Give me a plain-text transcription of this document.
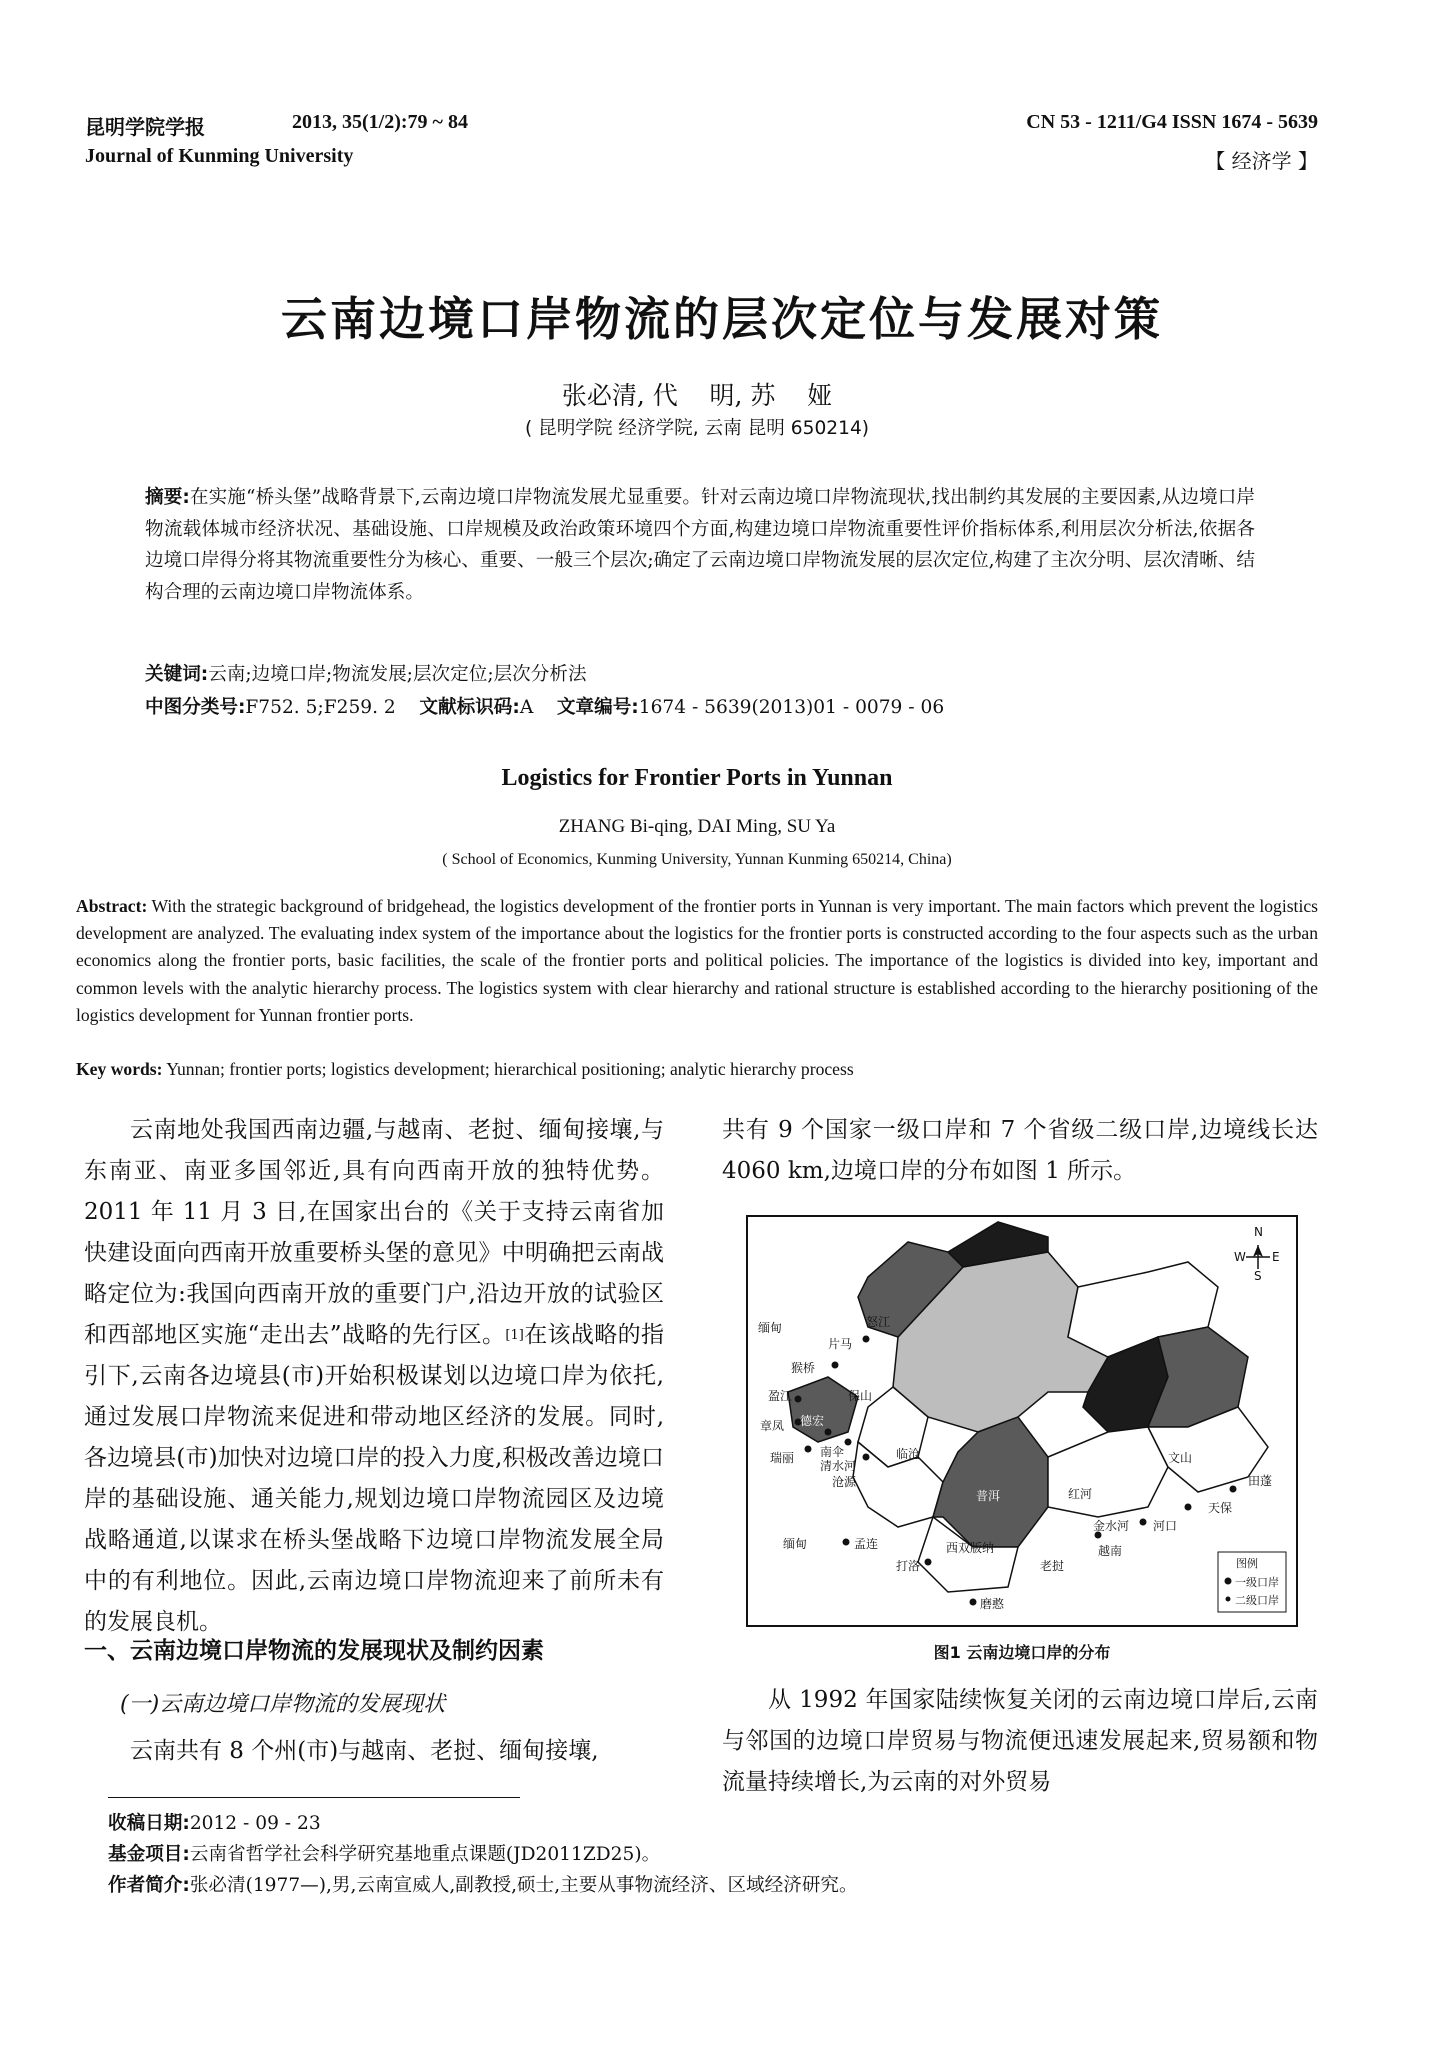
昆明学院学报	2013, 35(1/2):79 ~ 84
Journal of Kunming University
CN 53 - 1211/G4 ISSN 1674 - 5639
【 经济学 】
云南边境口岸物流的层次定位与发展对策
张必清, 代    明, 苏    娅
( 昆明学院 经济学院, 云南 昆明 650214)
摘要:在实施“桥头堡”战略背景下,云南边境口岸物流发展尤显重要。针对云南边境口岸物流现状,找出制约其发展的主要因素,从边境口岸物流载体城市经济状况、基础设施、口岸规模及政治政策环境四个方面,构建边境口岸物流重要性评价指标体系,利用层次分析法,依据各边境口岸得分将其物流重要性分为核心、重要、一般三个层次;确定了云南边境口岸物流发展的层次定位,构建了主次分明、层次清晰、结构合理的云南边境口岸物流体系。
关键词:云南;边境口岸;物流发展;层次定位;层次分析法
中图分类号:F752. 5;F259. 2 文献标识码:A 文章编号:1674 - 5639(2013)01 - 0079 - 06
Logistics for Frontier Ports in Yunnan
ZHANG Bi-qing, DAI Ming, SU Ya
( School of Economics, Kunming University, Yunnan Kunming 650214, China)
Abstract: With the strategic background of bridgehead, the logistics development of the frontier ports in Yunnan is very important. The main factors which prevent the logistics development are analyzed. The evaluating index system of the importance about the logistics for the frontier ports is constructed according to the four aspects such as the urban economics along the frontier ports, basic facilities, the scale of the frontier ports and political policies. The importance of the logistics is divided into key, important and common levels with the analytic hierarchy process. The logistics system with clear hierarchy and rational structure is established according to the hierarchy positioning of the logistics development for Yunnan frontier ports.
Key words: Yunnan; frontier ports; logistics development; hierarchical positioning; analytic hierarchy process

云南地处我国西南边疆,与越南、老挝、缅甸接壤,与东南亚、南亚多国邻近,具有向西南开放的独特优势。2011 年 11 月 3 日,在国家出台的《关于支持云南省加快建设面向西南开放重要桥头堡的意见》中明确把云南战略定位为:我国向西南开放的重要门户,沿边开放的试验区和西部地区实施“走出去”战略的先行区。[1]在该战略的指引下,云南各边境县(市)开始积极谋划以边境口岸为依托,通过发展口岸物流来促进和带动地区经济的发展。同时,各边境县(市)加快对边境口岸的投入力度,积极改善边境口岸的基础设施、通关能力,规划边境口岸物流园区及边境战略通道,以谋求在桥头堡战略下边境口岸物流发展全局中的有利地位。因此,云南边境口岸物流迎来了前所未有的发展良机。

一、云南边境口岸物流的发展现状及制约因素
(一)云南边境口岸物流的发展现状

云南共有 8 个州(市)与越南、老挝、缅甸接壤,

共有 9 个国家一级口岸和 7 个省级二级口岸,边境线长达 4060 km,边境口岸的分布如图 1 所示。

N
S
E
W
缅甸
片马
怒江
猴桥
盈江	保山
德宏
章凤
瑞丽 南伞
清水河
临沧
沧源
普洱	红河
文山
田蓬
天保
金水河 河口
缅甸	孟连	西双版纳
打洛	老挝
磨憨
越南
图例
一级口岸
二级口岸
图1 云南边境口岸的分布

从 1992 年国家陆续恢复关闭的云南边境口岸后,云南与邻国的边境口岸贸易与物流便迅速发展起来,贸易额和物流量持续增长,为云南的对外贸易

收稿日期:2012 - 09 - 23
基金项目:云南省哲学社会科学研究基地重点课题(JD2011ZD25)。
作者简介:张必清(1977—),男,云南宣威人,副教授,硕士,主要从事物流经济、区域经济研究。
